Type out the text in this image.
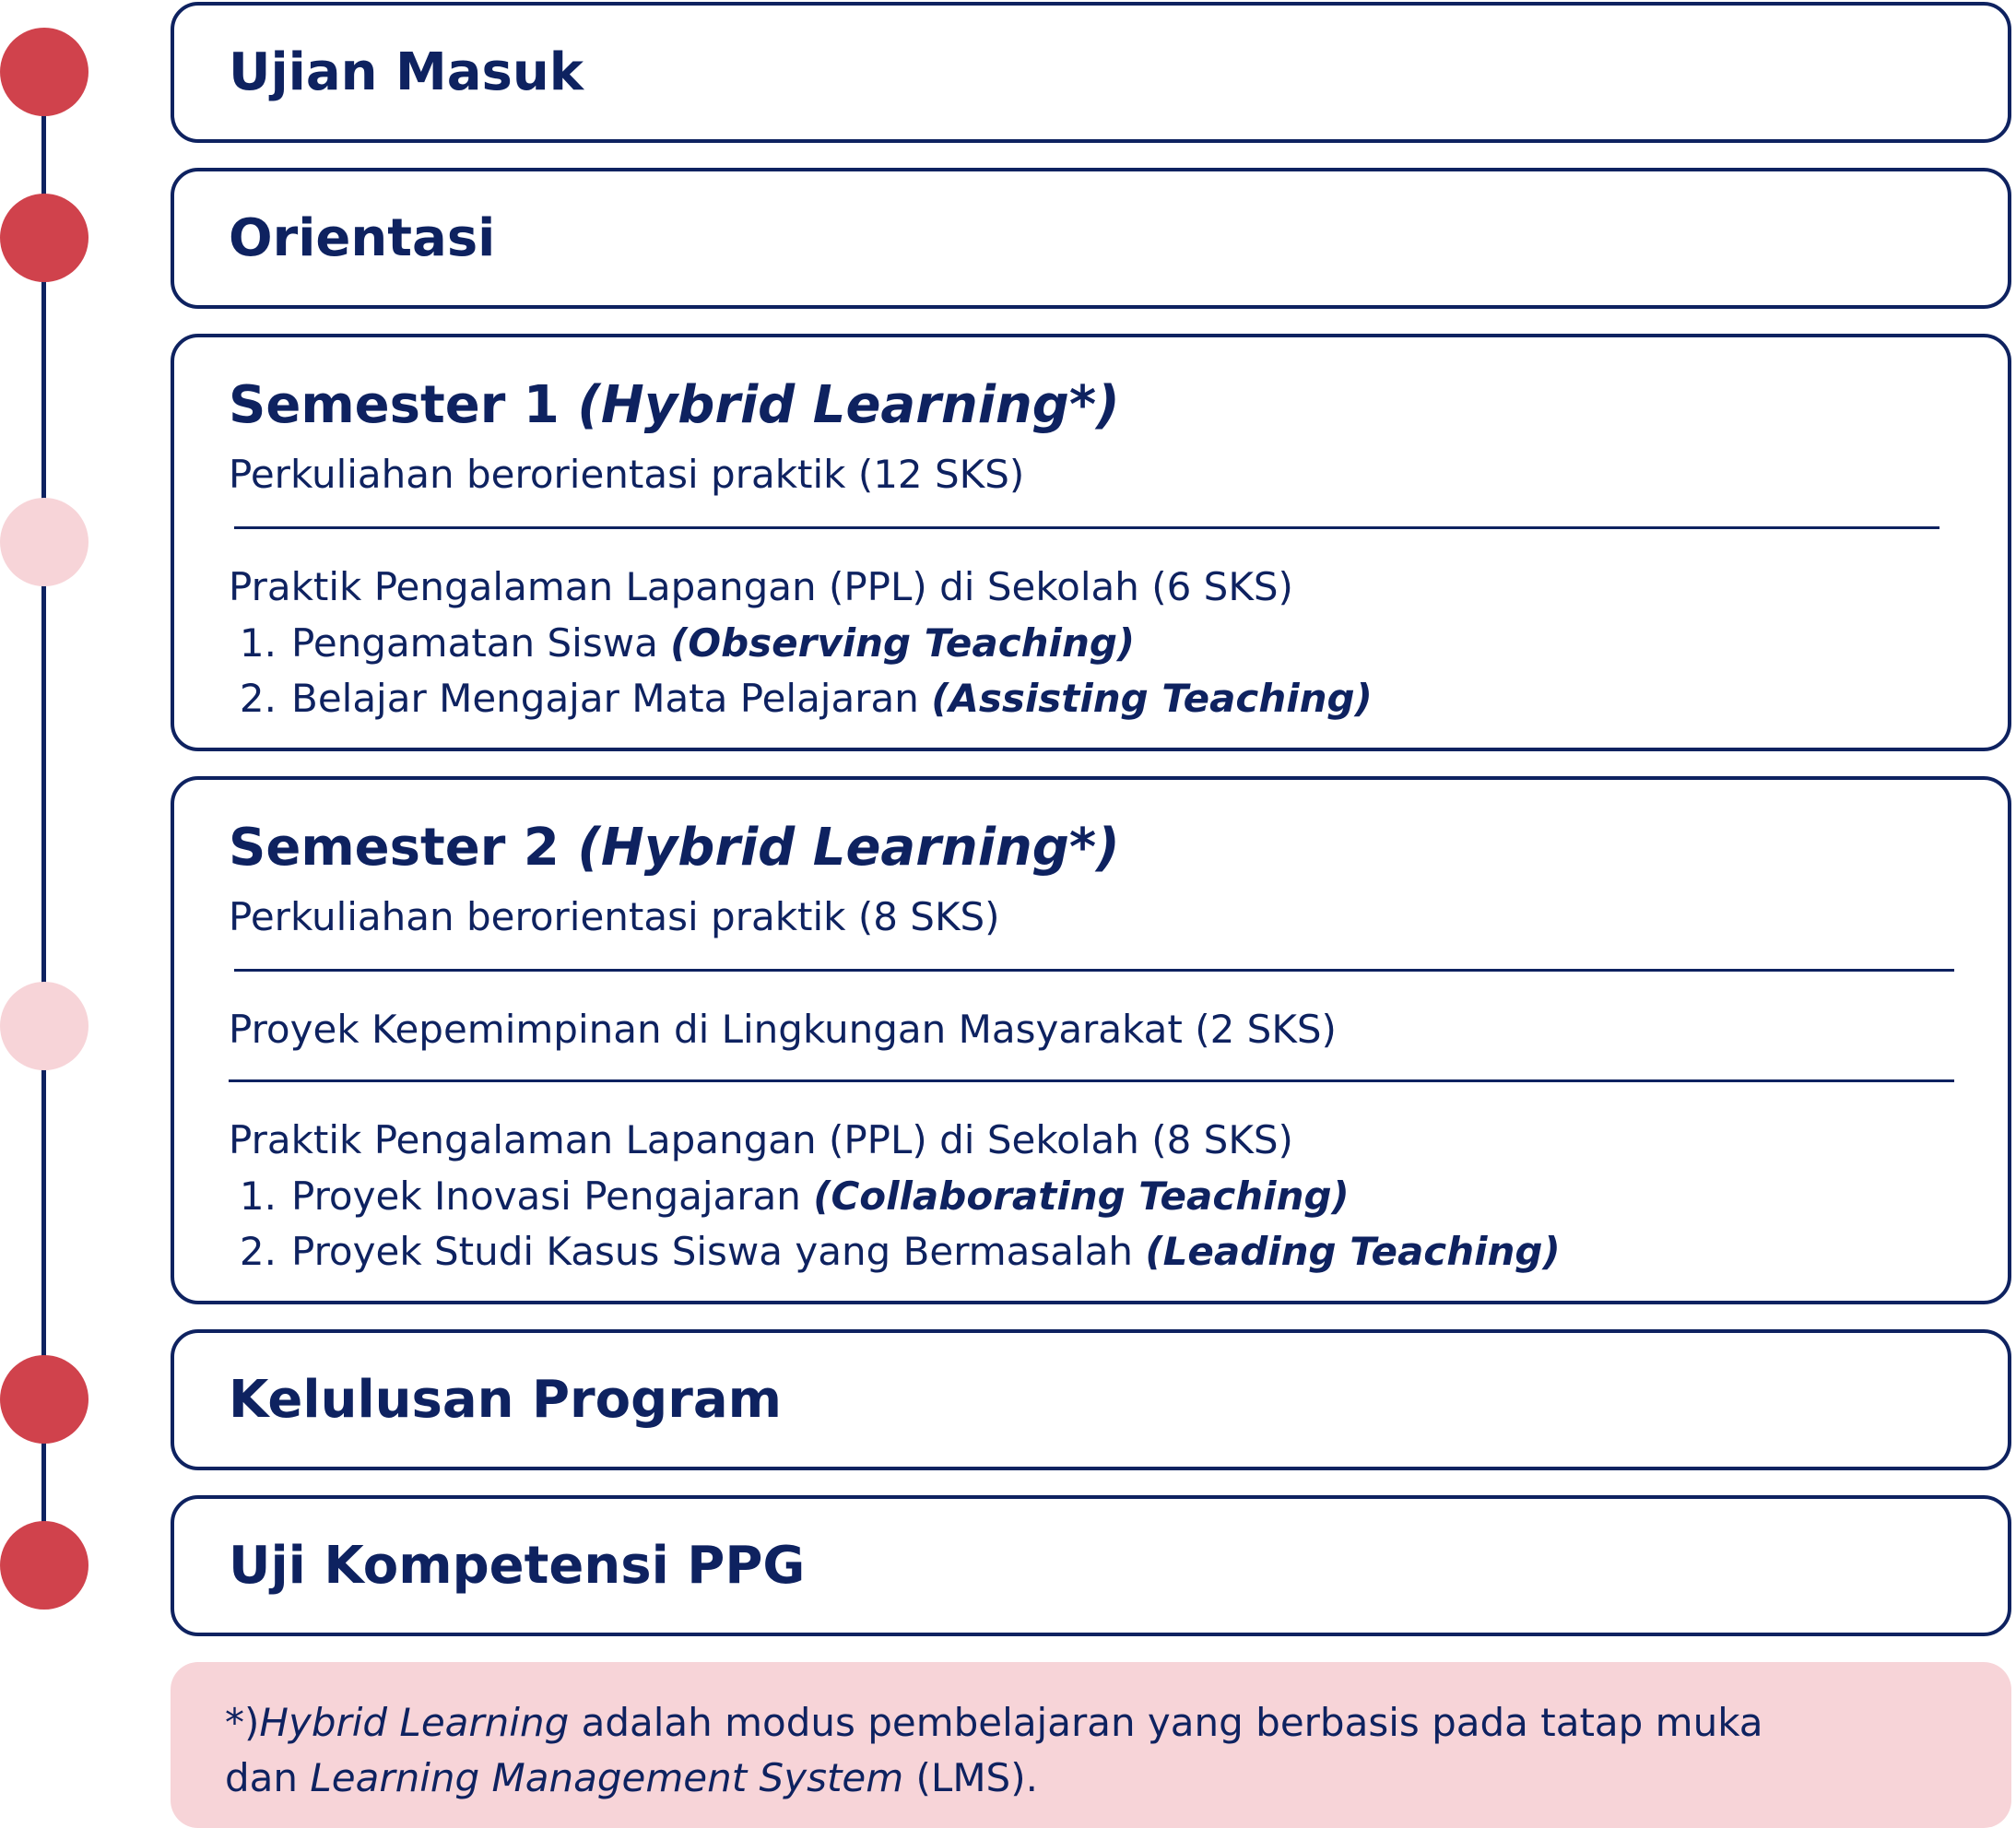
Ujian Masuk
Orientasi
Semester 1 (Hybrid Learning*)
Perkuliahan berorientasi praktik (12 SKS)
Praktik Pengalaman Lapangan (PPL) di Sekolah (6 SKS)
1. Pengamatan Siswa (Observing Teaching)
2. Belajar Mengajar Mata Pelajaran (Assisting Teaching)
Semester 2 (Hybrid Learning*)
Perkuliahan berorientasi praktik (8 SKS)
Proyek Kepemimpinan di Lingkungan Masyarakat (2 SKS)
Praktik Pengalaman Lapangan (PPL) di Sekolah (8 SKS)
1. Proyek Inovasi Pengajaran (Collaborating Teaching)
2. Proyek Studi Kasus Siswa yang Bermasalah (Leading Teaching)
Kelulusan Program
Uji Kompetensi PPG
*)Hybrid Learning adalah modus pembelajaran yang berbasis pada tatap muka
dan Learning Management System (LMS).
